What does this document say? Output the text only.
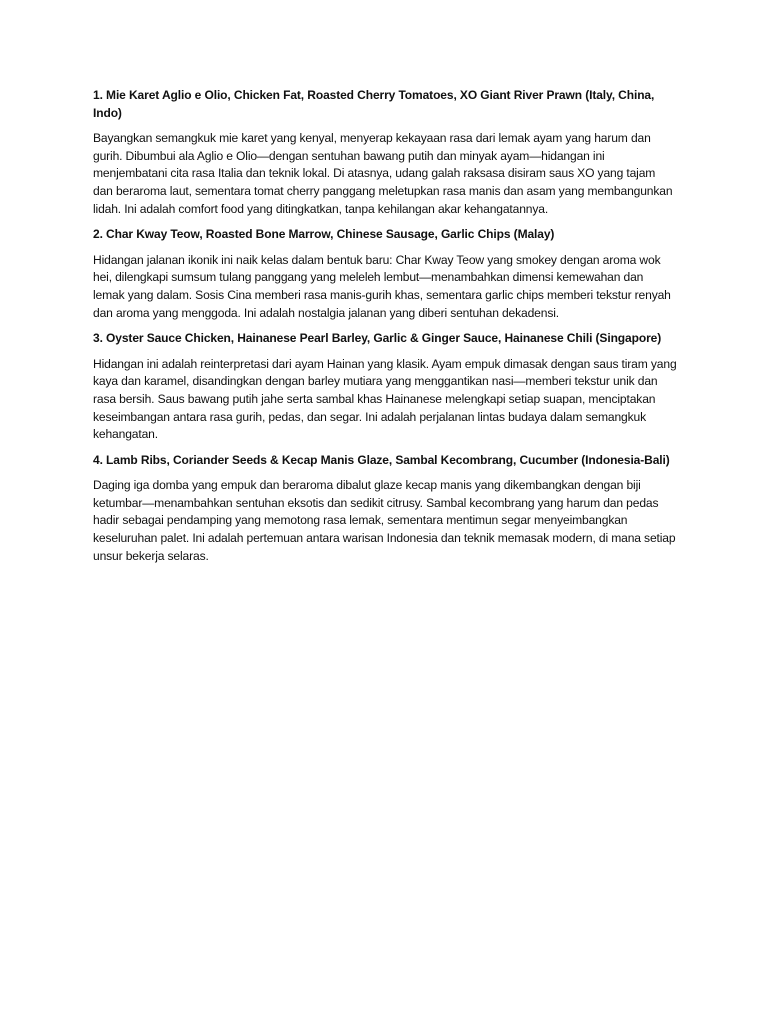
1. Mie Karet Aglio e Olio, Chicken Fat, Roasted Cherry Tomatoes, XO Giant River Prawn (Italy, China, Indo)

Bayangkan semangkuk mie karet yang kenyal, menyerap kekayaan rasa dari lemak ayam yang harum dan gurih. Dibumbui ala Aglio e Olio—dengan sentuhan bawang putih dan minyak ayam—hidangan ini menjembatani cita rasa Italia dan teknik lokal. Di atasnya, udang galah raksasa disiram saus XO yang tajam dan beraroma laut, sementara tomat cherry panggang meletupkan rasa manis dan asam yang membangunkan lidah. Ini adalah comfort food yang ditingkatkan, tanpa kehilangan akar kehangatannya.

2. Char Kway Teow, Roasted Bone Marrow, Chinese Sausage, Garlic Chips (Malay)

Hidangan jalanan ikonik ini naik kelas dalam bentuk baru: Char Kway Teow yang smokey dengan aroma wok hei, dilengkapi sumsum tulang panggang yang meleleh lembut—menambahkan dimensi kemewahan dan lemak yang dalam. Sosis Cina memberi rasa manis-gurih khas, sementara garlic chips memberi tekstur renyah dan aroma yang menggoda. Ini adalah nostalgia jalanan yang diberi sentuhan dekadensi.

3. Oyster Sauce Chicken, Hainanese Pearl Barley, Garlic & Ginger Sauce, Hainanese Chili (Singapore)

Hidangan ini adalah reinterpretasi dari ayam Hainan yang klasik. Ayam empuk dimasak dengan saus tiram yang kaya dan karamel, disandingkan dengan barley mutiara yang menggantikan nasi—memberi tekstur unik dan rasa bersih. Saus bawang putih jahe serta sambal khas Hainanese melengkapi setiap suapan, menciptakan keseimbangan antara rasa gurih, pedas, dan segar. Ini adalah perjalanan lintas budaya dalam semangkuk kehangatan.

4. Lamb Ribs, Coriander Seeds & Kecap Manis Glaze, Sambal Kecombrang, Cucumber (Indonesia-Bali)

Daging iga domba yang empuk dan beraroma dibalut glaze kecap manis yang dikembangkan dengan biji ketumbar—menambahkan sentuhan eksotis dan sedikit citrusy. Sambal kecombrang yang harum dan pedas hadir sebagai pendamping yang memotong rasa lemak, sementara mentimun segar menyeimbangkan keseluruhan palet. Ini adalah pertemuan antara warisan Indonesia dan teknik memasak modern, di mana setiap unsur bekerja selaras.
